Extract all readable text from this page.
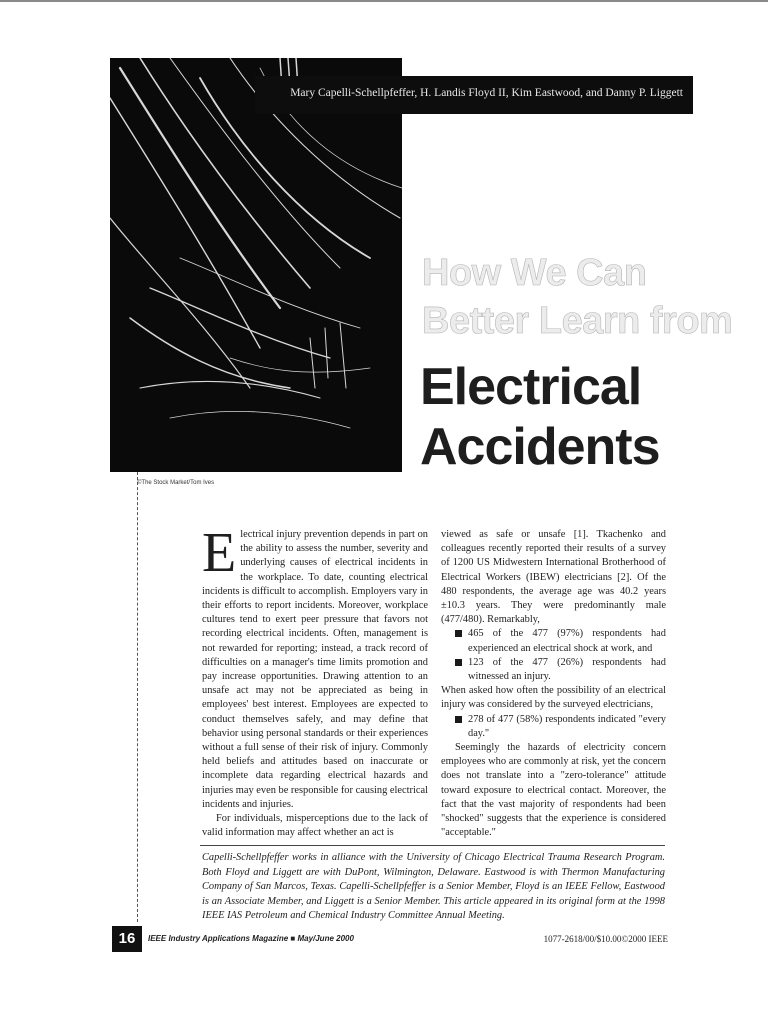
©The Stock Market/Tom Ives
Mary Capelli-Schellpfeffer, H. Landis Floyd II, Kim Eastwood, and Danny P. Liggett
How We Can
Better Learn from
Electrical
Accidents

Electrical injury prevention depends in part on the ability to assess the number, severity and underlying causes of electrical incidents in the workplace. To date, counting electrical incidents is difficult to accomplish. Employers vary in their efforts to report incidents. Moreover, workplace cultures tend to exert peer pressure that favors not recording electrical incidents. Often, management is not rewarded for reporting; instead, a track record of difficulties on a manager's time limits promotion and pay increase opportunities. Drawing attention to an unsafe act may not be appreciated as being in employees' best interest. Employees are expected to conduct themselves safely, and may define that behavior using personal standards or their experiences without a full sense of their risk of injury. Commonly held beliefs and attitudes based on inaccurate or incomplete data regarding electrical hazards and injuries may even be responsible for causing electrical incidents and injuries.

For individuals, misperceptions due to the lack of valid information may affect whether an act is

viewed as safe or unsafe [1]. Tkachenko and colleagues recently reported their results of a survey of 1200 US Midwestern International Brotherhood of Electrical Workers (IBEW) electricians [2]. Of the 480 respondents, the average age was 40.2 years ±10.3 years. They were predominantly male (477/480). Remarkably,

465 of the 477 (97%) respondents had experienced an electrical shock at work, and
123 of the 477 (26%) respondents had witnessed an injury.

When asked how often the possibility of an electrical injury was considered by the surveyed electricians,

278 of 477 (58%) respondents indicated "every day."

Seemingly the hazards of electricity concern employees who are commonly at risk, yet the concern does not translate into a "zero-tolerance" attitude toward exposure to electrical contact. Moreover, the fact that the vast majority of respondents had been "shocked" suggests that the experience is considered "acceptable."

Capelli-Schellpfeffer works in alliance with the University of Chicago Electrical Trauma Research Program. Both Floyd and Liggett are with DuPont, Wilmington, Delaware. Eastwood is with Thermon Manufacturing Company of San Marcos, Texas. Capelli-Schellpfeffer is a Senior Member, Floyd is an IEEE Fellow, Eastwood is an Associate Member, and Liggett is a Senior Member. This article appeared in its original form at the 1998 IEEE IAS Petroleum and Chemical Industry Committee Annual Meeting.
16	IEEE Industry Applications Magazine ■ May/June 2000	1077-2618/00/$10.00©2000 IEEE
